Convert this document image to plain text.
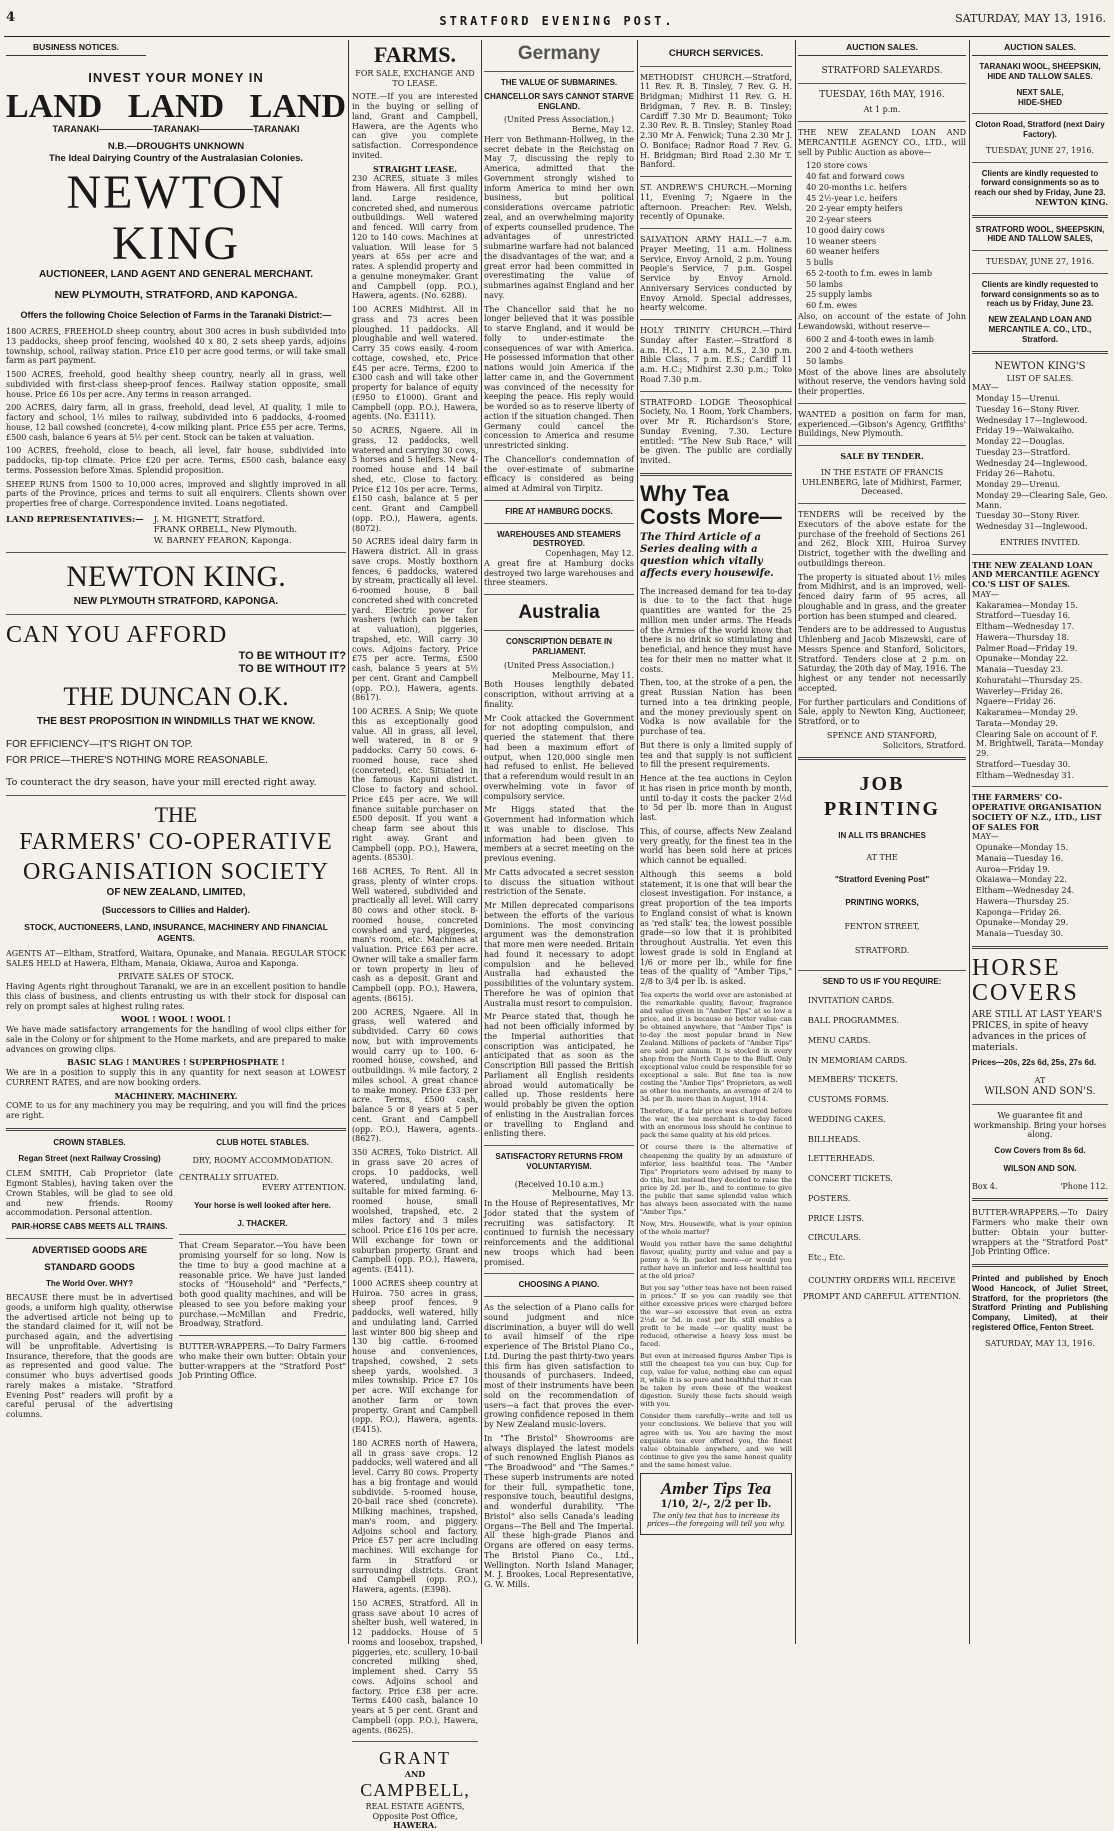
4	STRATFORD EVENING POST.	SATURDAY, MAY 13, 1916.
BUSINESS NOTICES.
INVEST YOUR MONEY IN
LAND LAND LAND
TARANAKI——————TARANAKI——————TARANAKI
N.B.—DROUGHTS UNKNOWN
The Ideal Dairying Country of the Australasian Colonies.
NEWTON KING
AUCTIONEER, LAND AGENT AND GENERAL MERCHANT.
NEW PLYMOUTH, STRATFORD, AND KAPONGA.
Offers the following Choice Selection of Farms in the Taranaki District:—

1800 ACRES, FREEHOLD sheep country, about 300 acres in bush subdivided into 13 paddocks, sheep proof fencing, woolshed 40 x 80, 2 sets sheep yards, adjoins township, school, railway station. Price £10 per acre good terms, or will take small farm as part payment.

1500 ACRES, freehold, good healthy sheep country, nearly all in grass, well subdivided with first-class sheep-proof fences. Railway station opposite, small house. Price £6 10s per acre. Any terms in reason arranged.

200 ACRES, dairy farm, all in grass, freehold, dead level, AI quality, 1 mile to factory and school, 1½ miles to railway, subdivided into 6 paddocks, 4-roomed house, 12 bail cowshed (concrete), 4-cow milking plant. Price £55 per acre. Terms, £500 cash, balance 6 years at 5½ per cent. Stock can be taken at valuation.

100 ACRES, freehold, close to beach, all level, fair house, subdivided into paddocks, tip-top climate. Price £20 per acre. Terms, £500 cash, balance easy terms. Possession before Xmas. Splendid proposition.

SHEEP RUNS from 1500 to 10,000 acres, improved and slightly improved in all parts of the Province, prices and terms to suit all enquirers. Clients shown over properties free of charge. Correspondence invited. Loans negotiated.

LAND REPRESENTATIVES:— J. M. HIGNETT, Stratford.
FRANK ORBELL, New Plymouth.
W. BARNEY FEARON, Kaponga.
NEWTON KING.
NEW PLYMOUTH STRATFORD, KAPONGA.
CAN YOU AFFORD
TO BE WITHOUT IT?
TO BE WITHOUT IT?
THE DUNCAN O.K.
THE BEST PROPOSITION IN WINDMILLS THAT WE KNOW.
FOR EFFICIENCY—IT'S RIGHT ON TOP.
FOR PRICE—THERE'S NOTHING MORE REASONABLE.
To counteract the dry season, have your mill erected right away.
THE
FARMERS' CO-OPERATIVE
ORGANISATION SOCIETY
OF NEW ZEALAND, LIMITED,
(Successors to Cillies and Halder).
STOCK, AUCTIONEERS, LAND, INSURANCE, MACHINERY AND FINANCIAL AGENTS.

AGENTS AT—Eltham, Stratford, Waitara, Opunake, and Manaia. REGULAR STOCK SALES HELD at Hawera, Eltham, Manaia, Okiawa, Auroa and Kaponga.

PRIVATE SALES OF STOCK.

Having Agents right throughout Taranaki, we are in an excellent position to handle this class of business, and clients entrusting us with their stock for disposal can rely on prompt sales at highest ruling rates.

WOOL ! WOOL ! WOOL !

We have made satisfactory arrangements for the handling of wool clips either for sale in the Colony or for shipment to the Home markets, and are prepared to make advances on growing clips.

BASIC SLAG ! MANURES ! SUPERPHOSPHATE !

We are in a position to supply this in any quantity for next season at LOWEST CURRENT RATES, and are now booking orders.

MACHINERY. MACHINERY.

COME to us for any machinery you may be requiring, and you will find the prices are right.

CROWN STABLES.
Regan Street (next Railway Crossing)

CLEM SMITH, Cab Proprietor (late Egmont Stables), having taken over the Crown Stables, will be glad to see old and new friends. Roomy accommodation. Personal attention.

PAIR-HORSE CABS MEETS ALL TRAINS.
ADVERTISED GOODS ARE
STANDARD GOODS
The World Over. WHY?

BECAUSE there must be in advertised goods, a uniform high quality, otherwise the advertised article not being up to the standard claimed for it, will not be purchased again, and the advertising will be unprofitable. Advertising is Insurance, therefore, that the goods are as represented and good value. The consumer who buys advertised goods rarely makes a mistake. "Stratford Evening Post" readers will profit by a careful perusal of the advertising columns.

CLUB HOTEL STABLES.
DRY, ROOMY ACCOMMODATION.
CENTRALLY SITUATED.
EVERY ATTENTION.
Your horse is well looked after here.
J. THACKER.

That Cream Separator.—You have been promising yourself for so long. Now is the time to buy a good machine at a reasonable price. We have just landed stocks of "Household" and "Perfects," both good quality machines, and will be pleased to see you before making your purchase.—McMillan and Fredric, Broadway, Stratford.

BUTTER-WRAPPERS.—To Dairy Farmers who make their own butter: Obtain your butter-wrappers at the "Stratford Post" Job Printing Office.

FARMS.
FOR SALE, EXCHANGE AND TO LEASE.

NOTE.—If you are interested in the buying or selling of land, Grant and Campbell, Hawera, are the Agents who can give you complete satisfaction. Correspondence invited.

STRAIGHT LEASE.

230 ACRES, situate 3 miles from Hawera. All first quality land. Large residence, concreted shed, and numerous outbuildings. Well watered and fenced. Will carry from 120 to 140 cows. Machines at valuation. Will lease for 5 years at 65s per acre and rates. A splendid property and a genuine moneymaker. Grant and Campbell (opp. P.O.), Hawera, agents. (No. 6288).

100 ACRES Midhirst. All in grass and 73 acres been ploughed. 11 paddocks. All ploughable and well watered. Carry 35 cows easily. 4-room cottage, cowshed, etc. Price £45 per acre. Terms, £200 to £300 cash and will take other property for balance of equity (£950 to £1000). Grant and Campbell (opp. P.O.), Hawera, agents. (No. E3111).

50 ACRES, Ngaere. All in grass, 12 paddocks, well watered and carrying 30 cows, 5 horses and 5 heifers. New 4-roomed house and 14 bail shed, etc. Close to factory. Price £12 10s per acre. Terms, £150 cash, balance at 5 per cent. Grant and Campbell (opp. P.O.), Hawera, agents. (8072).

50 ACRES ideal dairy farm in Hawera district. All in grass save crops. Mostly boxthorn fences, 6 paddocks, watered by stream, practically all level. 6-roomed house, 8 bail concreted shed with concreted yard. Electric power for washers (which can be taken at valuation), piggeries, trapshed, etc. Will carry 30 cows. Adjoins factory. Price £75 per acre. Terms, £500 cash, balance 5 years at 5½ per cent. Grant and Campbell (opp. P.O.), Hawera, agents. (8617).

100 ACRES. A Snip; We quote this as exceptionally good value. All in grass, all level, well watered, in 8 or 9 paddocks. Carry 50 cows. 6-roomed house, race shed (concreted), etc. Situated in the famous Kapuni district. Close to factory and school. Price £45 per acre. We will finance suitable purchaser on £500 deposit. If you want a cheap farm see about this right away. Grant and Campbell (opp. P.O.), Hawera, agents. (8530).

168 ACRES, To Rent. All in grass, plenty of winter crops. Well watered, subdivided and practically all level. Will carry 80 cows and other stock. 8-roomed house, concreted cowshed and yard, piggeries, man's room, etc. Machines at valuation. Price £63 per acre. Owner will take a smaller farm or town property in lieu of cash as a deposit. Grant and Campbell (opp. P.O.), Hawera, agents. (8615).

200 ACRES, Ngaere. All in grass, well watered and subdivided. Carry 60 cows now, but with improvements would carry up to 100. 6-roomed house, cowshed, and outbuildings. ¾ mile factory, 2 miles school. A great chance to make money. Price £33 per acre. Terms, £500 cash, balance 5 or 8 years at 5 per cent. Grant and Campbell (opp. P.O.), Hawera, agents. (8627).

350 ACRES, Toko District. All in grass save 20 acres of crops. 10 paddocks, well watered, undulating land, suitable for mixed farming. 6-roomed house, small woolshed, trapshed, etc. 2 miles factory and 3 miles school. Price £16 10s per acre. Will exchange for town or suburban property. Grant and Campbell (opp. P.O.), Hawera, agents. (E411).

1000 ACRES sheep country at Huiroa. 750 acres in grass, sheep proof fences. 9 paddocks, well watered, hilly and undulating land. Carried last winter 800 big sheep and 130 big cattle. 6-roomed house and conveniences, trapshed, cowshed, 2 sets sheep yards, woolshed. 3 miles township. Price £7 10s per acre. Will exchange for another farm or town property. Grant and Campbell (opp. P.O.), Hawera, agents. (E415).

180 ACRES north of Hawera, all in grass save crops. 12 paddocks, well watered and all level. Carry 80 cows. Property has a big frontage and would subdivide. 5-roomed house, 20-bail race shed (concrete). Milking machines, trapshed, man's room, and piggery. Adjoins school and factory. Price £57 per acre including machines. Will exchange for farm in Stratford or surrounding districts. Grant and Campbell (opp. P.O.), Hawera, agents. (E398).

150 ACRES, Stratford. All in grass save about 10 acres of shelter bush, well watered, in 12 paddocks. House of 5 rooms and loosebox, trapshed, piggeries, etc. scullery, 10-bail concreted milking shed, implement shed. Carry 55 cows. Adjoins school and factory. Price £38 per acre. Terms £400 cash, balance 10 years at 5 per cent. Grant and Campbell (opp. P.O.), Hawera, agents. (8625).

GRANT
AND
CAMPBELL,
REAL ESTATE AGENTS,
Opposite Post Office,
HAWERA.
Germany
THE VALUE OF SUBMARINES.
CHANCELLOR SAYS CANNOT STARVE ENGLAND.
(United Press Association.)
Berne, May 12.

Herr von Bethmann-Hollweg, in the secret debate in the Reichstag on May 7, discussing the reply to America, admitted that the Government strongly wished to inform America to mind her own business, but political considerations overcame patriotic zeal, and an overwhelming majority of experts counselled prudence. The advantages of unrestricted submarine warfare had not balanced the disadvantages of the war, and a great error had been committed in overestimating the value of submarines against England and her navy.

The Chancellor said that he no longer believed that it was possible to starve England, and it would be folly to under-estimate the consequences of war with America. He possessed information that other nations would join America if the latter came in, and the Government was convinced of the necessity for keeping the peace. His reply would be worded so as to reserve liberty of action if the situation changed. Then Germany could cancel the concession to America and resume unrestricted sinking.

The Chancellor's condemnation of the over-estimate of submarine efficacy is considered as being aimed at Admiral von Tirpitz.

FIRE AT HAMBURG DOCKS.
WAREHOUSES AND STEAMERS DESTROYED.
Copenhagen, May 12.

A great fire at Hamburg docks destroyed two large warehouses and three steamers.

Australia
CONSCRIPTION DEBATE IN PARLIAMENT.
(United Press Association.)
Melbourne, May 11.

Both Houses lengthily debated conscription, without arriving at a finality.

Mr Cook attacked the Government for not adopting compulsion, and queried the statement that there had been a maximum effort of output, when 120,000 single men had refused to enlist. He believed that a referendum would result in an overwhelming vote in favor of compulsory service.

Mr Higgs stated that the Government had information which it was unable to disclose. This information had been given to members at a secret meeting on the previous evening.

Mr Catts advocated a secret session to discuss the situation without restriction of the Senate.

Mr Millen deprecated comparisons between the efforts of the various Dominions. The most convincing argument was the demonstration that more men were needed. Britain had found it necessary to adopt compulsion and he believed Australia had exhausted the possibilities of the voluntary system. Therefore he was of opinion that Australia must resort to compulsion.

Mr Pearce stated that, though he had not been officially informed by the Imperial authorities that conscription was anticipated, he anticipated that as soon as the Conscription Bill passed the British Parliament all English residents abroad would automatically be called up. Those residents here would probably be given the option of enlisting in the Australian forces or travelling to England and enlisting there.

SATISFACTORY RETURNS FROM VOLUNTARYISM.
(Received 10.10 a.m.)
Melbourne, May 13.

In the House of Representatives, Mr Jodor stated that the system of recruiting was satisfactory. It continued to furnish the necessary reinforcements and the additional new troops which had been promised.

CHOOSING A PIANO.

As the selection of a Piano calls for sound judgment and nice discrimination, a buyer will do well to avail himself of the ripe experience of The Bristol Piano Co., Ltd. During the past thirty-two years this firm has given satisfaction to thousands of purchasers. Indeed, most of their instruments have been sold on the recommendation of users—a fact that proves the ever-growing confidence reposed in them by New Zealand music-lovers.

In "The Bristol" Showrooms are always displayed the latest models of such renowned English Pianos as "The Broadwood" and "The Sames." These superb instruments are noted for their full, sympathetic tone, responsive touch, beautiful designs, and wonderful durability. "The Bristol" also sells Canada's leading Organs—The Bell and The Imperial. All these high-grade Pianos and Organs are offered on easy terms. The Bristol Piano Co., Ltd., Wellington. North Island Manager, M. J. Brookes, Local Representative, G. W. Mills.

CHURCH SERVICES.

METHODIST CHURCH.—Stratford, 11 Rev. R. B. Tinsley, 7 Rev. G. H. Bridgman; Midhirst 11 Rev. G. H. Bridgman, 7 Rev. R. B. Tinsley; Cardiff 7.30 Mr D. Beaumont; Toko 2.30 Rev. R. B. Tinsley; Stanley Road 2.30 Mr A. Fenwick; Tuna 2.30 Mr J. O. Boniface; Radnor Road 7 Rev. G. H. Bridgman; Bird Road 2.30 Mr T. Banford.

ST. ANDREW'S CHURCH.—Morning 11, Evening 7; Ngaere in the afternoon. Preacher: Rev. Welsh, recently of Opunake.

SALVATION ARMY HALL.—7 a.m. Prayer Meeting, 11 a.m. Holiness Service, Envoy Arnold, 2 p.m. Young People's Service, 7 p.m. Gospel Service by Envoy Arnold. Anniversary Services conducted by Envoy Arnold. Special addresses, hearty welcome.

HOLY TRINITY CHURCH.—Third Sunday after Easter.—Stratford 8 a.m. H.C., 11 a.m. M.S., 2.30 p.m. Bible Class, 7 p.m. E.S.; Cardiff 11 a.m. H.C.; Midhirst 2.30 p.m.; Toko Road 7.30 p.m.

STRATFORD LODGE Theosophical Society, No. 1 Room, York Chambers, over Mr R. Richardson's Store, Sunday Evening, 7.30. Lecture entitled: "The New Sub Race," will be given. The public are cordially invited.

Why Tea
Costs More—
The Third Article of a Series dealing with a question which vitally affects every housewife.

The increased demand for tea to-day is due to to the fact that huge quantities are wanted for the 25 million men under arms. The Heads of the Armies of the world know that there is no drink so stimulating and beneficial, and hence they must have tea for their men no matter what it costs.

Then, too, at the stroke of a pen, the great Russian Nation has been turned into a tea drinking people, and the money previously spent on Vodka is now available for the purchase of tea.

But there is only a limited supply of tea and that supply is not sufficient to fill the present requirements.

Hence at the tea auctions in Ceylon it has risen in price month by month, until to-day it costs the packer 2½d to 5d per lb. more than in August last.

This, of course, affects New Zealand very greatly, for the finest tea in the world has been sold here at prices which cannot be equalled.

Although this seems a bold statement, it is one that will bear the closest investigation. For instance, a great proportion of the tea imports to England consist of what is known as 'red stalk' tea, the lowest possible grade—so low that it is prohibited throughout Australia. Yet even this lowest grade is sold in England at 1/6 or more per lb., while for fine teas of the quality of "Amber Tips," 2/8 to 3/4 per lb. is asked.

Tea experts the world over are astonished at the remarkable quality, flavour, fragrance and value given in "Amber Tips" at so low a price, and it is because no better value can be obtained anywhere, that "Amber Tips" is to-day the most popular brand in New Zealand. Millions of packets of "Amber Tips" are sold per annum. It is stocked in every shop from the North Cape to the Bluff. Only exceptional value could be responsible for so exceptional a sale. But fine tea is now costing the "Amber Tips" Proprietors, as well as other tea merchants, an average of 2/4 to 3d. per lb. more than in August, 1914.

Therefore, if a fair price was charged before the war, the tea merchant is to-day faced with an enormous loss should he continue to pack the same quality at his old prices.

Of course there is the alternative of cheapening the quality by an admixture of inferior, less healthful teas. The "Amber Tips" Proprietors were advised by many to do this, but instead they decided to raise the price by 2d. per lb., and to continue to give the public that same splendid value which has always been associated with the name "Amber Tips."

Now, Mrs. Housewife, what is your opinion of the whole matter?

Would you rather have the same delightful flavour, quality, purity and value and pay a penny a ¼ lb. packet more—or would you rather have an inferior and less healthful tea at the old price?

But you say "other teas have not been raised in prices." If so you can readily see that either excessive prices were charged before the war—so excessive that even an extra 2½d. or 5d. in cost per lb. still enables a profit to be made —or quality must be reduced, otherwise a heavy loss must be faced.

But even at increased figures Amber Tips is still the cheapest tea you can buy. Cup for cup, value for value, nothing else can equal it, while it is so pure and healthful that it can be taken by even those of the weakest digestion. Surely these facts should weigh with you.

Consider them carefully—write and tell us your conclusions. We believe that you will agree with us. You are having the most exquisite tea ever offered you, the finest value obtainable anywhere, and we will continue to give you the same honest quality and the same honest value.

Amber Tips Tea
1/10, 2/-, 2/2 per lb.
The only tea that has to increase its prices—the foregoing will tell you why.
AUCTION SALES.
STRATFORD SALEYARDS.
TUESDAY, 16th MAY, 1916.
At 1 p.m.

THE NEW ZEALAND LOAN AND MERCANTILE AGENCY CO., LTD., will sell by Public Auction as above—

120 store cows
40 fat and forward cows
40 20-months i.c. heifers
45 2½-year i.c. heifers
20 2-year empty heifers
20 2-year steers
10 good dairy cows
10 weaner steers
60 weaner heifers
5 bulls
65 2-tooth to f.m. ewes in lamb
50 lambs
25 supply lambs
60 f.m. ewes

Also, on account of the estate of John Lewandowski, without reserve—

600 2 and 4-tooth ewes in lamb
200 2 and 4-tooth wethers
50 lambs

Most of the above lines are absolutely without reserve, the vendors having sold their properties.

WANTED a position on farm for man, experienced.—Gibson's Agency, Griffiths' Buildings, New Plymouth.

SALE BY TENDER.
IN THE ESTATE OF FRANCIS UHLENBERG, late of Midhirst, Farmer, Deceased.

TENDERS will be received by the Executors of the above estate for the purchase of the freehold of Sections 261 and 262, Block XIII, Huiroa Survey District, together with the dwelling and outbuildings thereon.

The property is situated about 1½ miles from Midhirst, and is an improved, well-fenced dairy farm of 95 acres, all ploughable and in grass, and the greater portion has been stumped and cleared.

Tenders are to be addressed to Augustus Uhlenberg and Jacob Miszewski, care of Messrs Spence and Stanford, Solicitors, Stratford. Tenders close at 2 p.m. on Saturday, the 20th day of May, 1916. The highest or any tender not necessarily accepted.

For further particulars and Conditions of Sale, apply to Newton King, Auctioneer, Stratford, or to

SPENCE AND STANFORD,
Solicitors, Stratford.
JOB
PRINTING
IN ALL ITS BRANCHES
AT THE
"Stratford Evening Post"
PRINTING WORKS,
FENTON STREET,
STRATFORD.
SEND TO US IF YOU REQUIRE:
INVITATION CARDS.
BALL PROGRAMMES.
MENU CARDS.
IN MEMORIAM CARDS.
MEMBERS' TICKETS.
CUSTOMS FORMS.
WEDDING CAKES.
BILLHEADS.
LETTERHEADS.
CONCERT TICKETS.
POSTERS.
PRICE LISTS.
CIRCULARS.
Etc., Etc.
COUNTRY ORDERS WILL RECEIVE PROMPT AND CAREFUL ATTENTION.
AUCTION SALES.
TARANAKI WOOL, SHEEPSKIN, HIDE AND TALLOW SALES.
NEXT SALE,
HIDE-SHED
Cloton Road, Stratford (next Dairy Factory).
TUESDAY, JUNE 27, 1916.
Clients are kindly requested to forward consignments so as to reach our shed by Friday, June 23.
NEWTON KING.
STRATFORD WOOL, SHEEPSKIN, HIDE AND TALLOW SALES,
TUESDAY, JUNE 27, 1916.
Clients are kindly requested to forward consignments so as to reach us by Friday, June 23.
NEW ZEALAND LOAN AND MERCANTILE A. CO., LTD., Stratford.
NEWTON KING'S
LIST OF SALES.
MAY—
Monday 15—Urenui.
Tuesday 16—Stony River.
Wednesday 17—Inglewood.
Friday 19—Waiwakaiho.
Monday 22—Douglas.
Tuesday 23—Stratford.
Wednesday 24—Inglewood.
Friday 26—Rahotu.
Monday 29—Urenui.
Monday 29—Clearing Sale, Geo. Mann.
Tuesday 30—Stony River.
Wednesday 31—Inglewood.
ENTRIES INVITED.
THE NEW ZEALAND LOAN AND MERCANTILE AGENCY CO.'S LIST OF SALES.
MAY—
Kakaramea—Monday 15.
Stratford—Tuesday 16.
Eltham—Wednesday 17.
Hawera—Thursday 18.
Palmer Road—Friday 19.
Opunake—Monday 22.
Manaia—Tuesday 23.
Kohuratahi—Thursday 25.
Waverley—Friday 26.
Ngaere—Friday 26.
Kakaramea—Monday 29.
Tarata—Monday 29.
Clearing Sale on account of F. M. Brightwell, Tarata—Monday 29.
Stratford—Tuesday 30.
Eltham—Wednesday 31.
THE FARMERS' CO-OPERATIVE ORGANISATION SOCIETY OF N.Z., LTD., LIST OF SALES FOR
MAY—
Opunake—Monday 15.
Manaia—Tuesday 16.
Auroa—Friday 19.
Okaiawa—Monday 22.
Eltham—Wednesday 24.
Hawera—Thursday 25.
Kaponga—Friday 26.
Opunake—Monday 29.
Manaia—Tuesday 30.
HORSE
COVERS
ARE STILL AT LAST YEAR'S PRICES, in spite of heavy advances in the prices of materials.
Prices—20s, 22s 6d, 25s, 27s 6d.
AT
WILSON AND SON'S.
We guarantee fit and workmanship. Bring your horses along.
Cow Covers from 8s 6d.
WILSON AND SON.
Box 4.	'Phone 112.

BUTTER-WRAPPERS.—To Dairy Farmers who make their own butter: Obtain your butter-wrappers at the "Stratford Post" Job Printing Office.

Printed and published by Enoch Wood Hancock, of Juliet Street, Stratford, for the proprietors (the Stratford Printing and Publishing Company, Limited), at their registered Office, Fenton Street.

SATURDAY, MAY 13, 1916.
